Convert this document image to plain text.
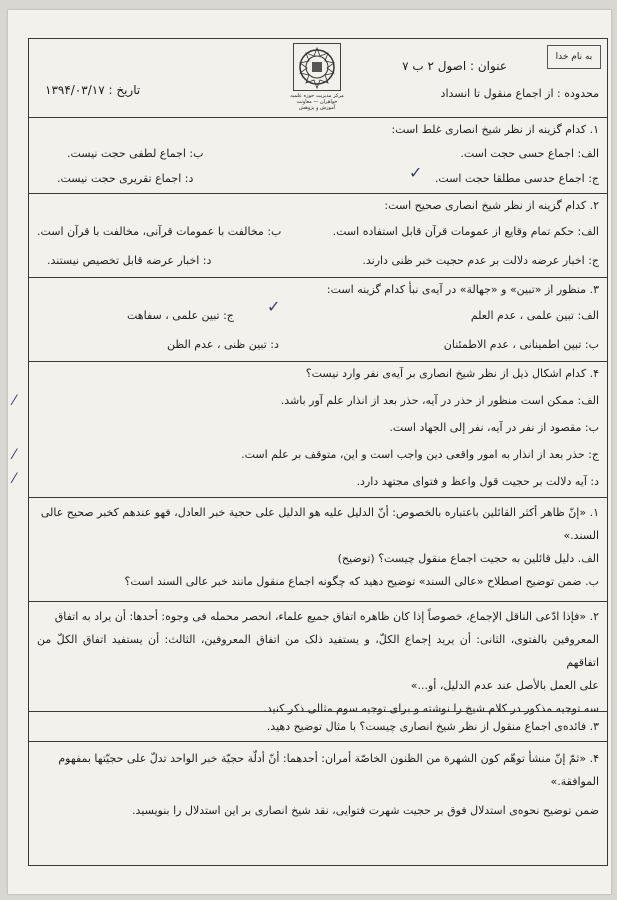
به نام خدا
عنوان : اصول ۲ ب ۷
محدوده : از اجماع منقول تا انسداد
تاریخ : ۱۳۹۴/۰۳/۱۷	مرکز مدیریت حوزه علمیه خواهران — معاونت آموزش و پژوهش
۱. کدام گزینه از نظر شیخ انصاری غلط است:
الف: اجماع حسی حجت است.
ب: اجماع لطفی حجت نیست.
ج: اجماع حدسی مطلقا حجت است.
د: اجماع تقریری حجت نیست.	✓
۲. کدام گزینه از نظر شیخ انصاری صحیح است:
الف: حکم تمام وقایع از عمومات قرآن قابل استفاده است.
ب: مخالفت با عمومات قرآنی، مخالفت با قرآن است.
ج: اخبار عرضه دلالت بر عدم حجیت خبر ظنی دارند.
د: اخبار عرضه قابل تخصیص نیستند.
۳. منظور از «تبین» و «جهالة» در آیه‌ی نبأ کدام گزینه است:
الف: تبین علمی ، عدم العلم
ج: تبین علمی ، سفاهت
ب: تبین اطمینانی ، عدم الاطمئنان
د: تبین ظنی ، عدم الظن
✓
۴. کدام اشکال ذیل از نظر شیخ انصاری بر آیه‌ی نفر وارد نیست؟
الف: ممکن است منظور از حذر در آیه، حذر بعد از انذار علم آور باشد.
ب: مقصود از نفر در آیه، نفر إلی الجهاد است.
ج: حذر بعد از انذار به امور واقعی دین واجب است و این، متوقف بر علم است.
د: آیه دلالت بر حجیت قول واعظ و فتوای مجتهد دارد.
⁄
⁄
⁄
۱. «إنّ ظاهر أکثر القائلین باعتباره بالخصوص: أنّ الدلیل علیه هو الدلیل علی حجیة خبر العادل، فهو عندهم کخبر صحیح عالی
السند.»
الف. دلیل قائلین به حجیت اجماع منقول چیست؟ (توضیح)
ب. ضمن توضیح اصطلاح «عالی السند» توضیح دهید که چگونه اجماع منقول مانند خبر عالی السند است؟
۲. «فإذا ادّعی الناقل الإجماع، خصوصاً إذا کان ظاهره اتفاق جمیع علماء، انحصر محمله فی وجوه: أحدها: أن یراد به اتفاق
المعروفین بالفتوی، الثانی: أن یرید إجماع الکلّ، و یستفید ذلک من اتفاق المعروفین، الثالث: أن یستفید اتفاق الکلّ من اتفاقهم
علی العمل بالأصل عند عدم الدلیل، أو...»
سه توجیه مذکور در کلام شیخ را نوشته و برای توجیه سوم مثالی ذکر کنید.
۳. فائده‌ی اجماع منقول از نظر شیخ انصاری چیست؟ با مثال توضیح دهید.
۴. «ثمّ إنّ منشأ توهّم کون الشهرة من الظنون الخاصّة أمران: أحدهما: أنّ أدلّة حجیّة خبر الواحد تدلّ علی حجیّتها بمفهوم
الموافقة.»
ضمن توضیح نحوه‌ی استدلال فوق بر حجیت شهرت فتوایی، نقد شیخ انصاری بر این استدلال را بنویسید.
